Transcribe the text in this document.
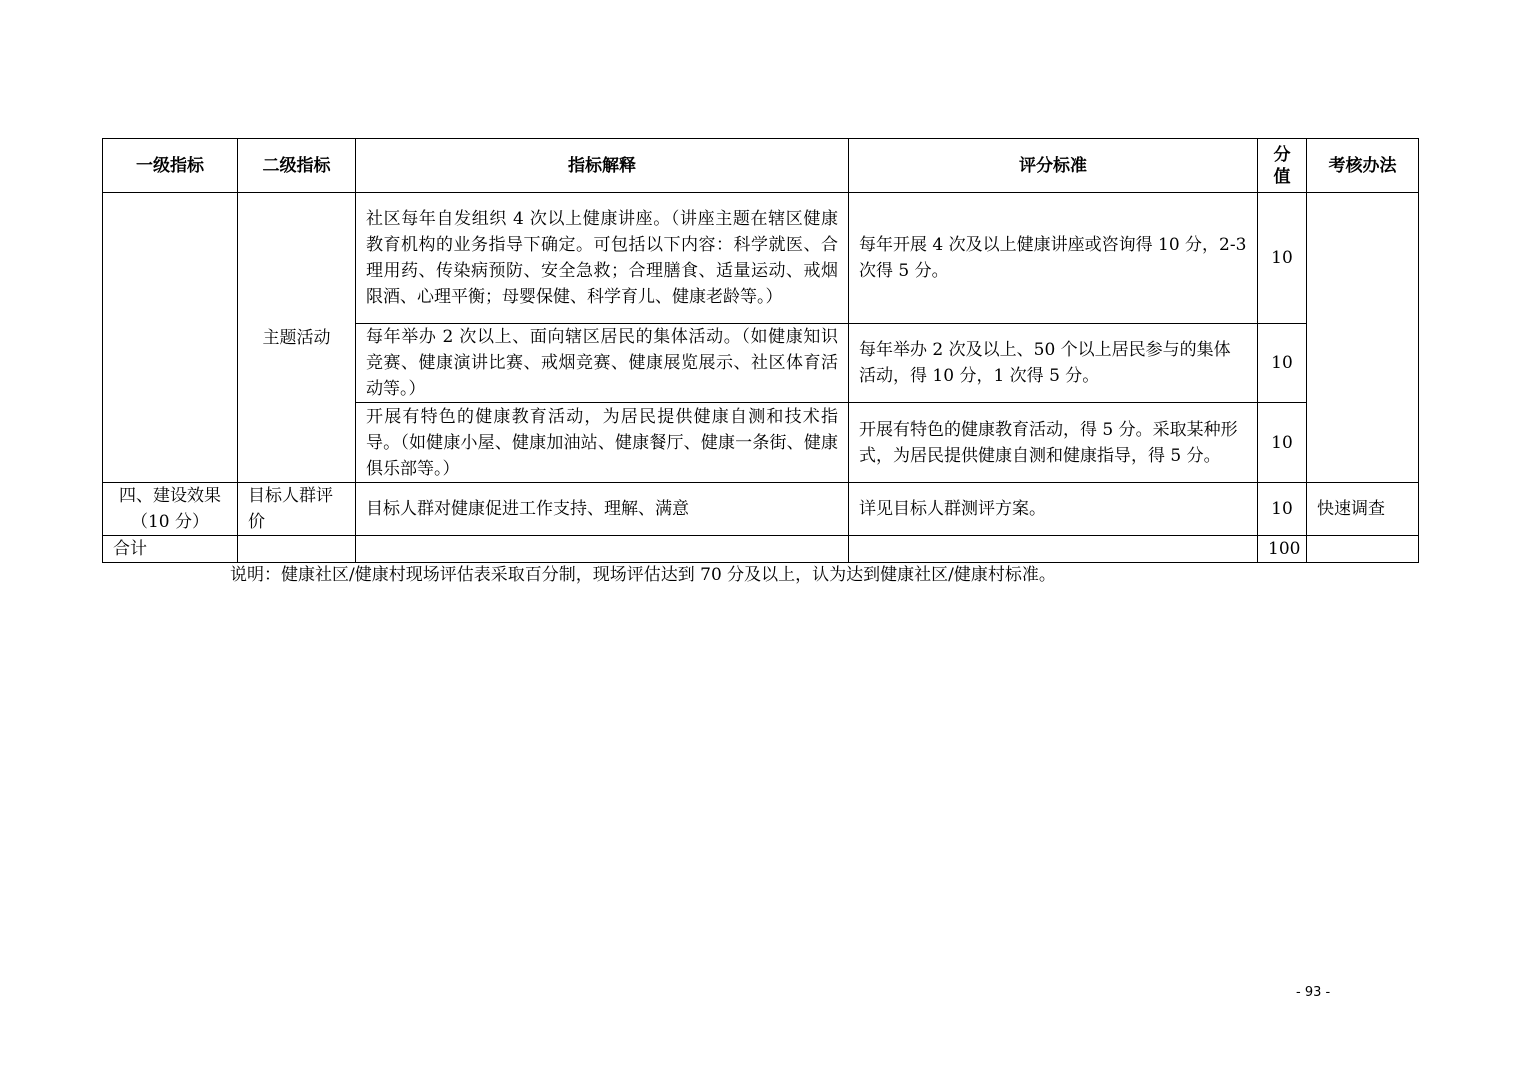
一级指标	二级指标	指标解释	评分标准	分值	考核办法
	主题活动	社区每年自发组织 4 次以上健康讲座。（讲座主题在辖区健康教育机构的业务指导下确定。可包括以下内容：科学就医、合理用药、传染病预防、安全急救；合理膳食、适量运动、戒烟限酒、心理平衡；母婴保健、科学育儿、健康老龄等。）	每年开展 4 次及以上健康讲座或咨询得 10 分，2-3 次得 5 分。	10	
		每年举办 2 次以上、面向辖区居民的集体活动。（如健康知识竞赛、健康演讲比赛、戒烟竞赛、健康展览展示、社区体育活动等。）	每年举办 2 次及以上、50 个以上居民参与的集体活动，得 10 分，1 次得 5 分。	10	
		开展有特色的健康教育活动，为居民提供健康自测和技术指导。（如健康小屋、健康加油站、健康餐厅、健康一条街、健康俱乐部等。）	开展有特色的健康教育活动，得 5 分。采取某种形式，为居民提供健康自测和健康指导，得 5 分。	10	
四、建设效果（10 分）	目标人群评价	目标人群对健康促进工作支持、理解、满意	详见目标人群测评方案。	10	快速调查
合计				100	
说明：健康社区/健康村现场评估表采取百分制，现场评估达到 70 分及以上，认为达到健康社区/健康村标准。
- 93 -
